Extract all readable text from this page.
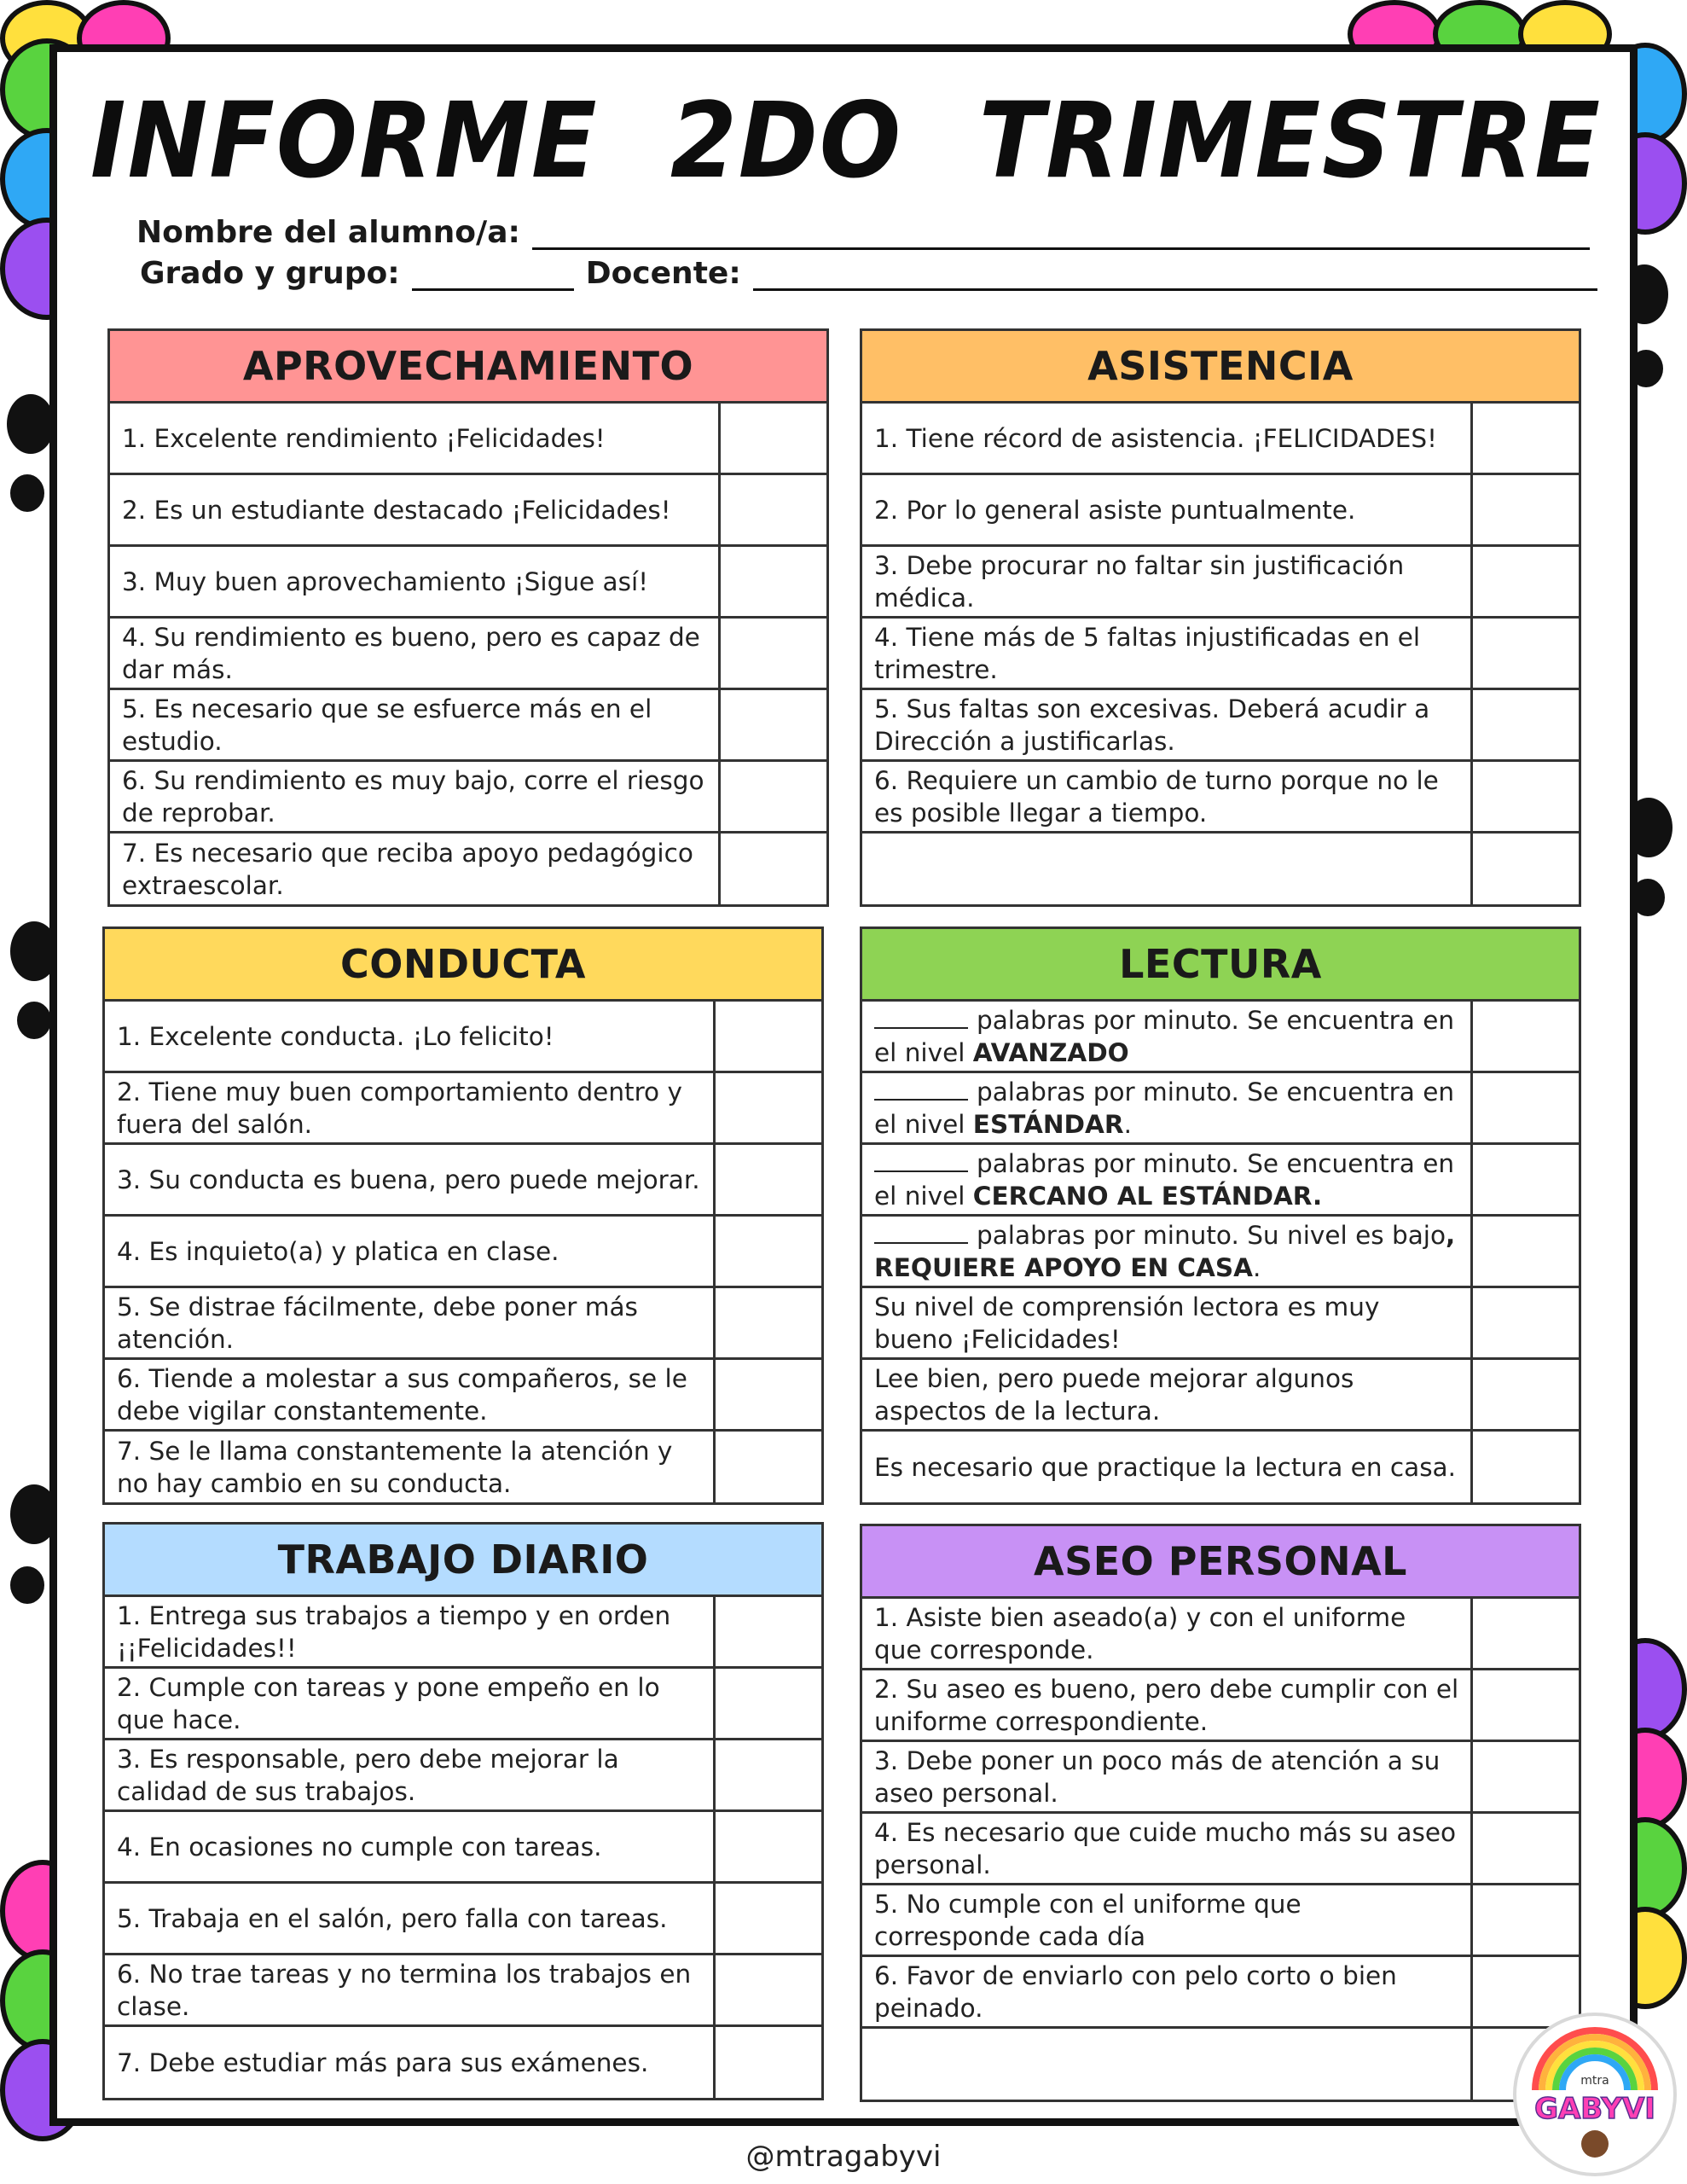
INFORME 2DO TRIMESTRE
Nombre del alumno/a:
Grado y grupo:	Docente:
APROVECHAMIENTO
1. Excelente rendimiento ¡Felicidades!
2. Es un estudiante destacado ¡Felicidades!
3. Muy buen aprovechamiento ¡Sigue así!
4. Su rendimiento es bueno, pero es capaz de dar más.
5. Es necesario que se esfuerce más en el estudio.
6. Su rendimiento es muy bajo, corre el riesgo de reprobar.
7. Es necesario que reciba apoyo pedagógico extraescolar.
ASISTENCIA
1. Tiene récord de asistencia. ¡FELICIDADES!
2. Por lo general asiste puntualmente.
3. Debe procurar no faltar sin justificación médica.
4. Tiene más de 5 faltas injustificadas en el trimestre.
5. Sus faltas son excesivas. Deberá acudir a Dirección a justificarlas.
6. Requiere un cambio de turno porque no le es posible llegar a tiempo.
CONDUCTA
1. Excelente conducta. ¡Lo felicito!
2. Tiene muy buen comportamiento dentro y fuera del salón.
3. Su conducta es buena, pero puede mejorar.
4. Es inquieto(a) y platica en clase.
5. Se distrae fácilmente, debe poner más atención.
6. Tiende a molestar a sus compañeros, se le debe vigilar constantemente.
7. Se le llama constantemente la atención y no hay cambio en su conducta.
LECTURA
palabras por minuto. Se encuentra en el nivel AVANZADO
palabras por minuto. Se encuentra en el nivel ESTÁNDAR.
palabras por minuto. Se encuentra en el nivel CERCANO AL ESTÁNDAR.
palabras por minuto. Su nivel es bajo, REQUIERE APOYO EN CASA.
Su nivel de comprensión lectora es muy bueno ¡Felicidades!
Lee bien, pero puede mejorar algunos aspectos de la lectura.
Es necesario que practique la lectura en casa.
TRABAJO DIARIO
1. Entrega sus trabajos a tiempo y en orden ¡¡Felicidades!!
2. Cumple con tareas y pone empeño en lo que hace.
3. Es responsable, pero debe mejorar la calidad de sus trabajos.
4. En ocasiones no cumple con tareas.
5. Trabaja en el salón, pero falla con tareas.
6. No trae tareas y no termina los trabajos en clase.
7. Debe estudiar más para sus exámenes.
ASEO PERSONAL
1. Asiste bien aseado(a) y con el uniforme que corresponde.
2. Su aseo es bueno, pero debe cumplir con el uniforme correspondiente.
3. Debe poner un poco más de atención a su aseo personal.
4. Es necesario que cuide mucho más su aseo personal.
5. No cumple con el uniforme que corresponde cada día
6. Favor de enviarlo con pelo corto o bien peinado.
@mtragabyvi
mtra
GABYVI
